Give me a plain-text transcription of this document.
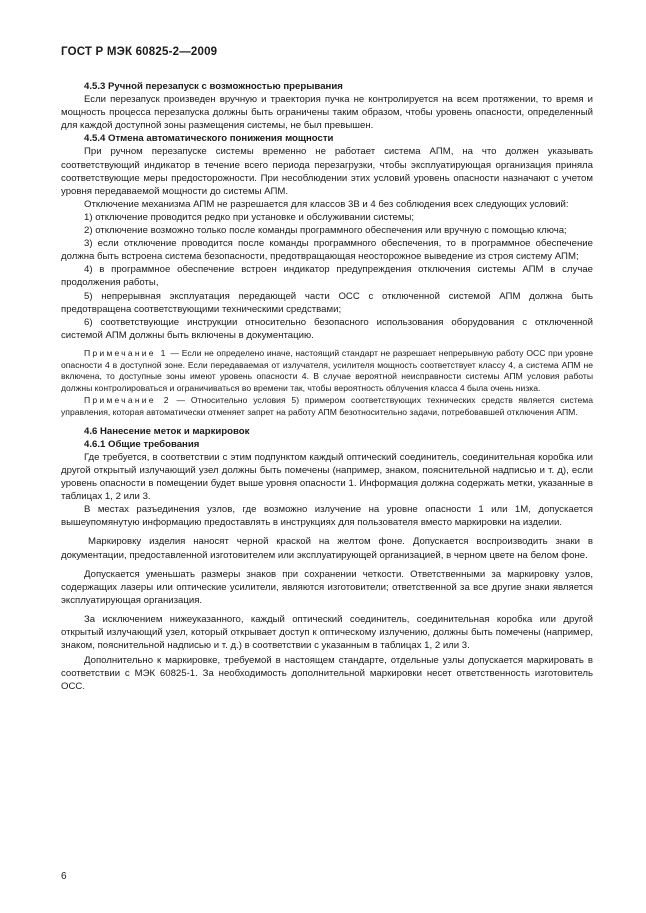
ГОСТ Р МЭК 60825-2—2009

4.5.3 Ручной перезапуск с возможностью прерывания

Если перезапуск произведен вручную и траектория пучка не контролируется на всем протяжении, то время и мощность процесса перезапуска должны быть ограничены таким образом, чтобы уровень опасности, определенный для каждой доступной зоны размещения системы, не был превышен.

4.5.4 Отмена автоматического понижения мощности

При ручном перезапуске системы временно не работает система АПМ, на что должен указывать соответствующий индикатор в течение всего периода перезагрузки, чтобы эксплуатирующая организация приняла соответствующие меры предосторожности. При несоблюдении этих условий уровень опасности назначают с учетом уровня передаваемой мощности до системы АПМ.

Отключение механизма АПМ не разрешается для классов 3В и 4 без соблюдения всех следующих условий:

1) отключение проводится редко при установке и обслуживании системы;

2) отключение возможно только после команды программного обеспечения или вручную с помощью ключа;

3) если отключение проводится после команды программного обеспечения, то в программное обеспечение должна быть встроена система безопасности, предотвращающая неосторожное выведение из строя систему АПМ;

4) в программное обеспечение встроен индикатор предупреждения отключения системы АПМ в случае продолжения работы,

5) непрерывная эксплуатация передающей части ОСС с отключенной системой АПМ должна быть предотвращена соответствующими техническими средствами;

6) соответствующие инструкции относительно безопасного использования оборудования с отключенной системой АПМ должны быть включены в документацию.

Примечание 1 — Если не определено иначе, настоящий стандарт не разрешает непрерывную работу ОСС при уровне опасности 4 в доступной зоне. Если передаваемая от излучателя, усилителя мощность соответствует классу 4, а система АПМ не включена, то доступные зоны имеют уровень опасности 4. В случае вероятной неисправности системы АПМ условия работы должны контролироваться и ограничиваться во времени так, чтобы вероятность облучения класса 4 была очень низка.

Примечание 2 — Относительно условия 5) примером соответствующих технических средств является система управления, которая автоматически отменяет запрет на работу АПМ безотносительно задачи, потребовавшей отключения АПМ.

4.6 Нанесение меток и маркировок

4.6.1 Общие требования

Где требуется, в соответствии с этим подпунктом каждый оптический соединитель, соединительная коробка или другой открытый излучающий узел должны быть помечены (например, знаком, пояснительной надписью и т. д), если уровень опасности в помещении будет выше уровня опасности 1. Информация должна содержать метки, указанные в таблицах 1, 2 или 3.

В местах разъединения узлов, где возможно излучение на уровне опасности 1 или 1М, допускается вышеупомянутую информацию предоставлять в инструкциях для пользователя вместо маркировки на изделии.

Маркировку изделия наносят черной краской на желтом фоне. Допускается воспроизводить знаки в документации, предоставленной изготовителем или эксплуатирующей организацией, в черном цвете на белом фоне.

Допускается уменьшать размеры знаков при сохранении четкости. Ответственными за маркировку узлов, содержащих лазеры или оптические усилители, являются изготовители; ответственной за все другие знаки является эксплуатирующая организация.

За исключением нижеуказанного, каждый оптический соединитель, соединительная коробка или другой открытый излучающий узел, который открывает доступ к оптическому излучению, должны быть помечены (например, знаком, пояснительной надписью и т. д.) в соответствии с указанным в таблицах 1, 2 или 3.

Дополнительно к маркировке, требуемой в настоящем стандарте, отдельные узлы допускается маркировать в соответствии с МЭК 60825-1. За необходимость дополнительной маркировки несет ответственность изготовитель ОСС.

6
